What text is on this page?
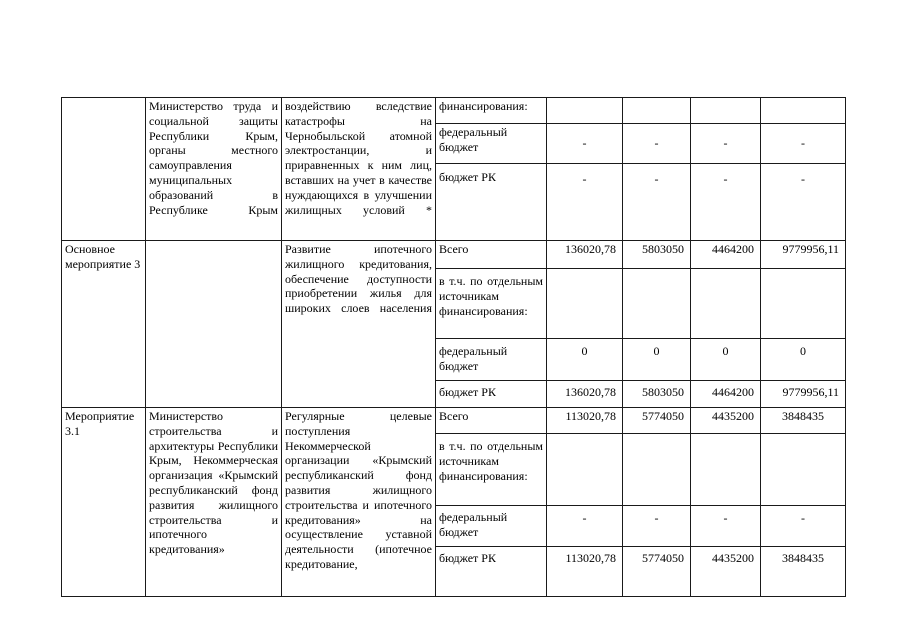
	Министерство труда и социальной защиты Республики Крым, органы местного самоуправления муниципальных образований в Республике Крым	воздействию вследствие катастрофы на Чернобыльской атомной электростанции, и приравненных к ним лиц, вставших на учет в качестве нуждающихся в улучшении жилищных условий *	финансирования:				
			федеральный бюджет	-	-	-	-
			бюджет РК	-	-	-	-
Основное мероприятие 3		Развитие ипотечного жилищного кредитования, обеспечение доступности приобретении жилья для широких слоев населения	Всего	136020,78	5803050	4464200	9779956,11
			в т.ч. по отдельным источникам финансирования:				
			федеральный бюджет	0	0	0	0
			бюджет РК	136020,78	5803050	4464200	9779956,11
Мероприятие 3.1	Министерство строительства и архитектуры Республики Крым, Некоммерческая организация «Крымский республиканский фонд развития жилищного строительства и ипотечного кредитования»	Регулярные целевые поступления Некоммерческой организации «Крымский республиканский фонд развития жилищного строительства и ипотечного кредитования» на осуществление уставной деятельности (ипотечное кредитование,	Всего	113020,78	5774050	4435200	3848435
			в т.ч. по отдельным источникам финансирования:				
			федеральный бюджет	-	-	-	-
			бюджет РК	113020,78	5774050	4435200	3848435
